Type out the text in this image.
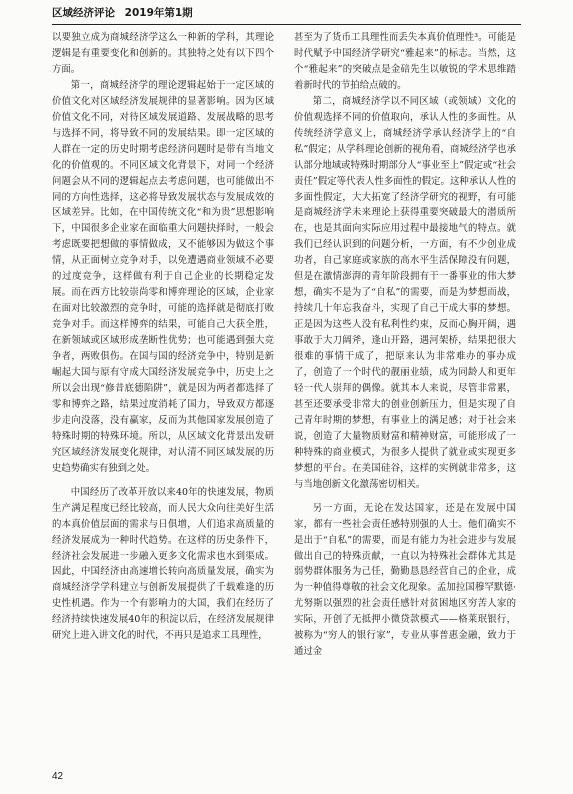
区域经济评论 2019年第1期

以要独立成为商城经济学这么一种新的学科，其理论逻辑是有重要变化和创新的。其独特之处有以下四个方面。

第一，商城经济学的理论逻辑起始于一定区域的价值文化对区域经济发展规律的显著影响。因为区域价值文化不同，对待区域发展道路、发展战略的思考与选择不同，将导致不同的发展结果。即一定区域的人群在一定的历史时期考虑经济问题时是带有当地文化的价值观的。不同区域文化背景下，对同一个经济问题会从不同的逻辑起点去考虑问题，也可能做出不同的方向性选择，这必将导致发展状态与发展成效的区域差异。比如，在中国传统文化“和为贵”思想影响下，中国很多企业家在面临重大问题抉择时，一般会考虑既要把想做的事情做成，又不能够因为做这个事情，从正面树立竞争对手，以免遭遇商业领域不必要的过度竞争，这样做有利于自己企业的长期稳定发展。而在西方比较崇尚零和博弈理论的区域，企业家在面对比较激烈的竞争时，可能的选择就是彻底打败竞争对手。而这样博弈的结果，可能自己大获全胜，在新领域或区域形成垄断性优势；也可能遇到强大竞争者，两败俱伤。在国与国的经济竞争中，特别是新崛起大国与原有守成大国经济发展竞争中，历史上之所以会出现“修昔底德陷阱”，就是因为两者都选择了零和博弈之路，结果过度消耗了国力，导致双方都逐步走向没落，没有赢家，反而为其他国家发展创造了特殊时期的特殊环境。所以，从区域文化背景出发研究区域经济发展变化规律，对认清不同区域发展的历史趋势确实有独到之处。

中国经历了改革开放以来40年的快速发展，物质生产满足程度已经比较高，而人民大众向往美好生活的本真价值层面的需求与日俱增，人们追求高质量的经济发展成为一种时代趋势。在这样的历史条件下，经济社会发展进一步融入更多文化需求也水到渠成。因此，中国经济由高速增长转向高质量发展，确实为商城经济学学科建立与创新发展提供了千载难逢的历史性机遇。作为一个有影响力的大国，我们在经历了经济持续快速发展40年的积淀以后，在经济发展规律研究上进入讲文化的时代，不再只是追求工具理性，

甚至为了货币工具理性而丢失本真价值理性³。可能是时代赋予中国经济学研究“雅起来”的标志。当然，这个“雅起来”的突破点是金碚先生以敏锐的学术思维踏着新时代的节拍给点破的。

第二，商城经济学以不同区域（或领域）文化的价值观选择不同的价值取向，承认人性的多面性。从传统经济学意义上，商城经济学承认经济学上的“自私”假定；从学科理论创新的视角看，商城经济学也承认部分地域或特殊时期部分人“事业至上”假定或“社会责任”假定等代表人性多面性的假定。这种承认人性的多面性假定，大大拓宽了经济学研究的视野，有可能是商城经济学未来理论上获得重要突破最大的潜质所在，也是其面向实际应用过程中最接地气的特点。就我们已经认识到的问题分析，一方面，有不少创业成功者，自己家庭或家族的高水平生活保障没有问题，但是在激情澎湃的青年阶段拥有干一番事业的伟大梦想，确实不是为了“自私”的需要，而是为梦想而战，持续几十年忘我奋斗，实现了自己干成大事的梦想。正是因为这些人没有私利性约束，反而心胸开阔，遇事敢于大刀阔斧，逢山开路，遇河架桥，结果把很大很难的事情干成了，把原来认为非常难办的事办成了，创造了一个时代的靓丽业绩，成为同龄人和更年轻一代人崇拜的偶像。就其本人来说，尽管非常累，甚至还要承受非常大的创业创新压力，但是实现了自己青年时期的梦想，有事业上的满足感；对于社会来说，创造了大量物质财富和精神财富，可能形成了一种特殊的商业模式，为很多人提供了就业或实现更多梦想的平台。在美国硅谷，这样的实例就非常多，这与当地创新文化激荡密切相关。

另一方面，无论在发达国家，还是在发展中国家，都有一些社会责任感特别强的人士。他们确实不是出于“自私”的需要，而是有能力为社会进步与发展做出自己的特殊贡献，一直以为特殊社会群体尤其是弱势群体服务为己任，勤勤恳恳经营自己的企业，成为一种值得尊敬的社会文化现象。孟加拉国穆罕默德·尤努斯以强烈的社会责任感针对贫困地区穷苦人家的实际，开创了无抵押小微贷款模式——格莱珉银行，被称为“穷人的银行家”，专业从事普惠金融，致力于通过金

42
